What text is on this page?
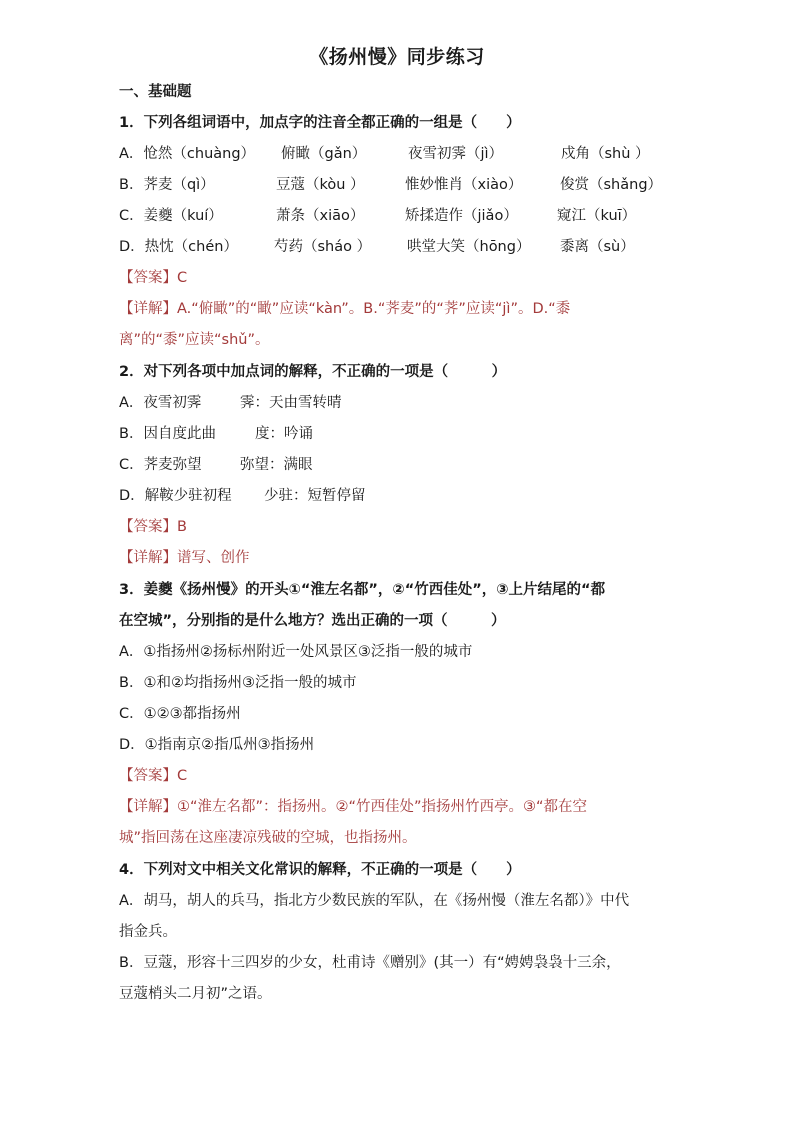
《扬州慢》同步练习
一、基础题
1．下列各组词语中，加点字的注音全都正确的一组是（　　）
A．怆然（chuàng） 俯瞰（gǎn）	夜雪初霁（jì）	戍角（shù ）
B．荠麦（qì）	豆蔻（kòu ）	惟妙惟肖（xiào）	俊赏（shǎng）
C．姜夔（kuí）	萧条（xiāo）	矫揉造作（jiǎo）	窥江（kuī）
D．热忱（chén） 芍药（sháo ） 哄堂大笑（hōng） 黍离（sù）
【答案】C
【详解】A.“俯瞰”的“瞰”应读“kàn”。B.“荠麦”的“荠”应读“jì”。D.“黍
离”的“黍”应读“shǔ”。
2．对下列各项中加点词的解释，不正确的一项是（　　　）
A．夜雪初霁	霁：天由雪转晴
B．因自度此曲	度：吟诵
C．荠麦弥望	弥望：满眼
D．解鞍少驻初程 少驻：短暂停留
【答案】B
【详解】谱写、创作
3．姜夔《扬州慢》的开头①“淮左名都”，②“竹西佳处”，③上片结尾的“都
在空城”，分别指的是什么地方？选出正确的一项（　　　）
A．①指扬州②扬标州附近一处风景区③泛指一般的城市
B．①和②均指扬州③泛指一般的城市
C．①②③都指扬州
D．①指南京②指瓜州③指扬州
【答案】C
【详解】①“淮左名都”：指扬州。②“竹西佳处”指扬州竹西亭。③“都在空
城”指回荡在这座凄凉残破的空城，也指扬州。
4．下列对文中相关文化常识的解释，不正确的一项是（　　）
A．胡马，胡人的兵马，指北方少数民族的军队，在《扬州慢（淮左名都）》中代
指金兵。
B．豆蔻，形容十三四岁的少女，杜甫诗《赠别》(其一）有“娉娉袅袅十三余，
豆蔻梢头二月初”之语。
